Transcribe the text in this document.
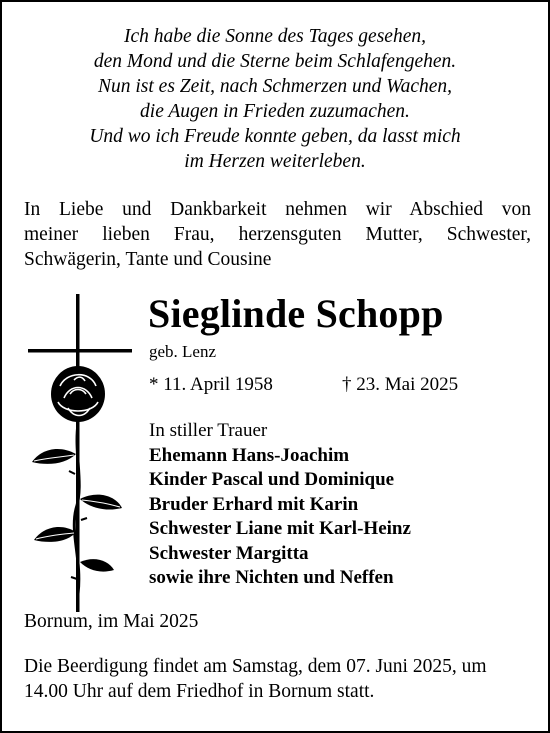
Ich habe die Sonne des Tages gesehen,
den Mond und die Sterne beim Schlafengehen.
Nun ist es Zeit, nach Schmerzen und Wachen,
die Augen in Frieden zuzumachen.
Und wo ich Freude konnte geben, da lasst mich
im Herzen weiterleben.
In Liebe und Dankbarkeit nehmen wir Abschied von
meiner lieben Frau, herzensguten Mutter, Schwester,
Schwägerin, Tante und Cousine
Sieglinde Schopp
geb. Lenz
* 11. April 1958	† 23. Mai 2025
In stiller Trauer
Ehemann Hans-Joachim
Kinder Pascal und Dominique
Bruder Erhard mit Karin
Schwester Liane mit Karl-Heinz
Schwester Margitta
sowie ihre Nichten und Neffen
Bornum, im Mai 2025
Die Beerdigung findet am Samstag, dem 07. Juni 2025, um
14.00 Uhr auf dem Friedhof in Bornum statt.
